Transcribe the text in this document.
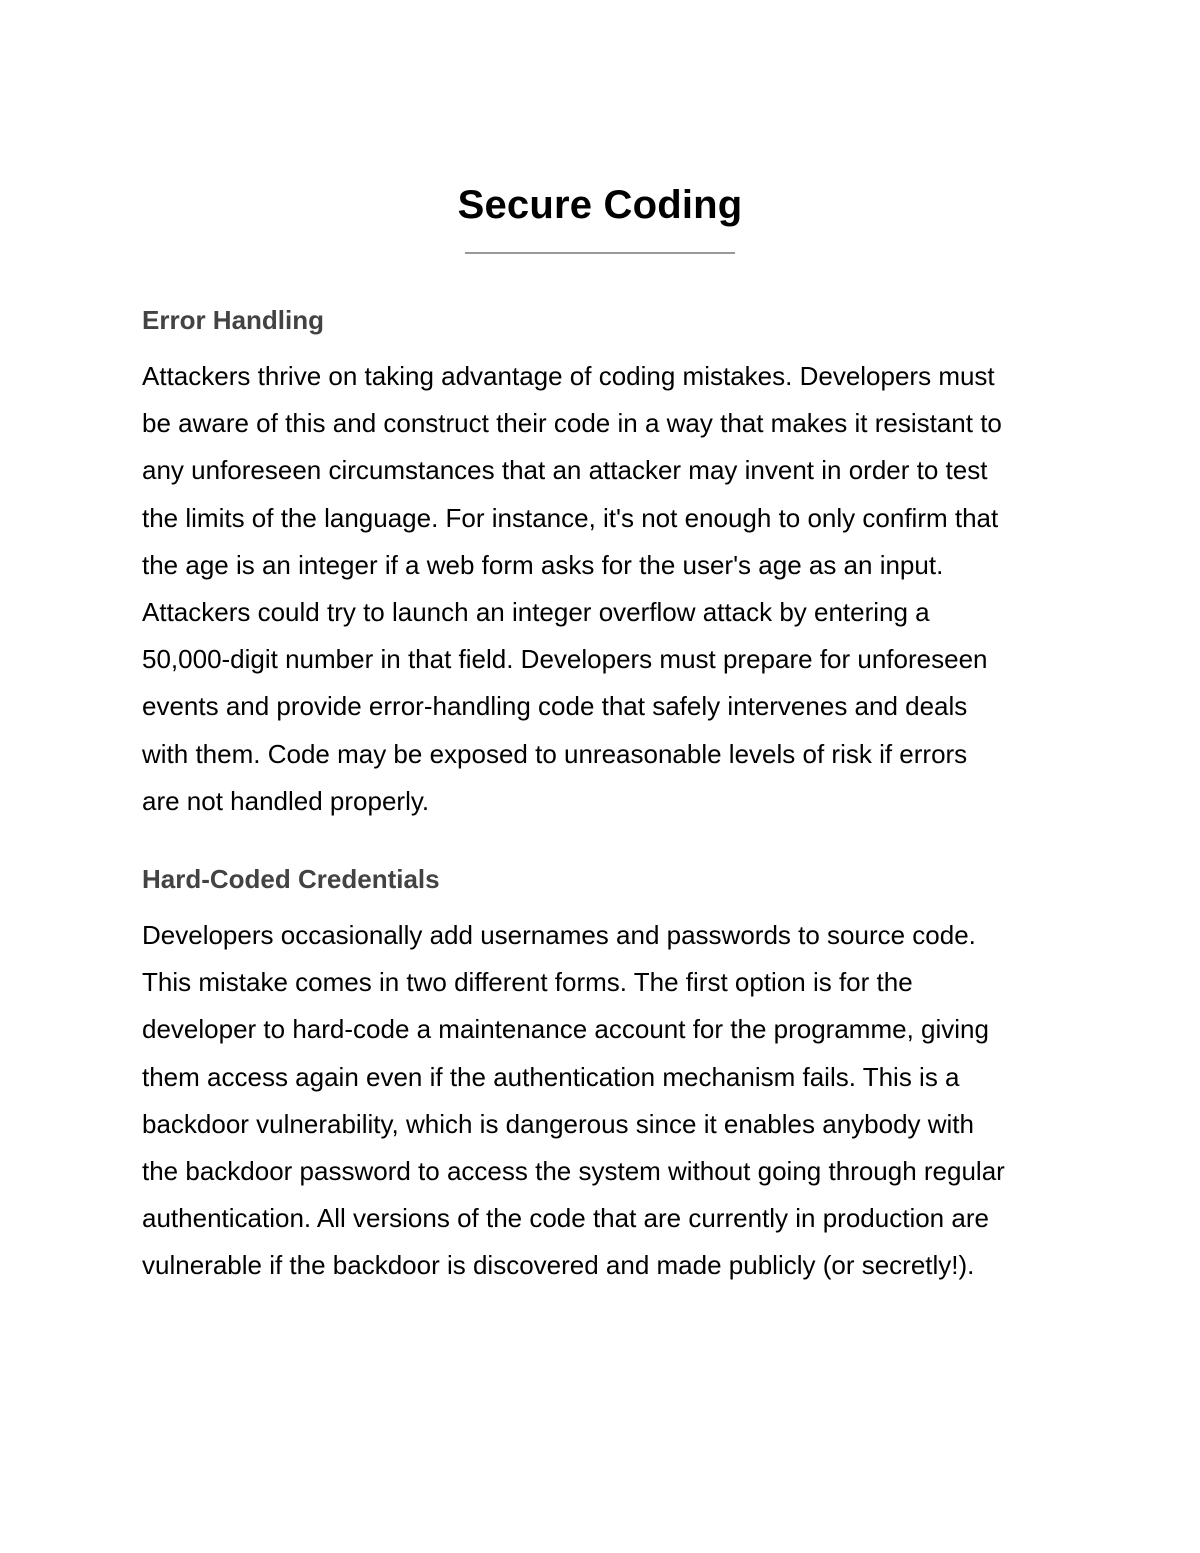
Secure Coding
——————————————————
Error Handling
Attackers thrive on taking advantage of coding mistakes. Developers must
be aware of this and construct their code in a way that makes it resistant to
any unforeseen circumstances that an attacker may invent in order to test
the limits of the language. For instance, it's not enough to only confirm that
the age is an integer if a web form asks for the user's age as an input.
Attackers could try to launch an integer overflow attack by entering a
50,000-digit number in that field. Developers must prepare for unforeseen
events and provide error-handling code that safely intervenes and deals
with them. Code may be exposed to unreasonable levels of risk if errors
are not handled properly.
Hard-Coded Credentials
Developers occasionally add usernames and passwords to source code.
This mistake comes in two different forms. The first option is for the
developer to hard-code a maintenance account for the programme, giving
them access again even if the authentication mechanism fails. This is a
backdoor vulnerability, which is dangerous since it enables anybody with
the backdoor password to access the system without going through regular
authentication. All versions of the code that are currently in production are
vulnerable if the backdoor is discovered and made publicly (or secretly!).
